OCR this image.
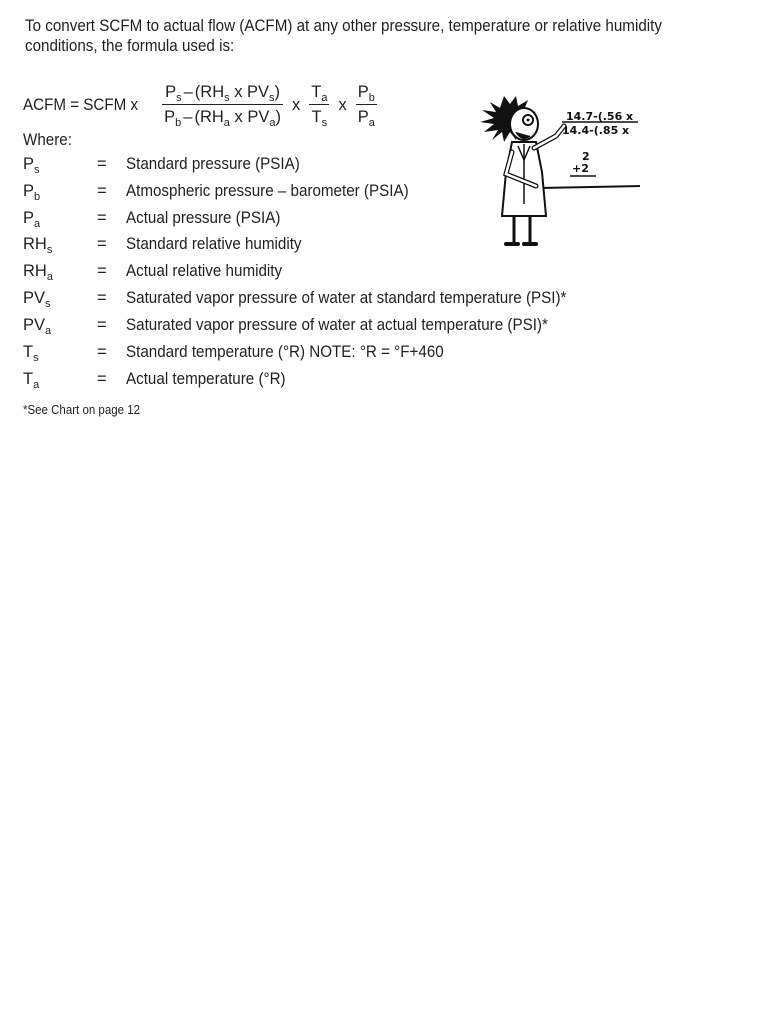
To convert SCFM to actual flow (ACFM) at any other pressure, temperature or relative humidity conditions, the formula used is:
ACFM = SCFM x $\frac{P_s - (RH_s x PV_s)}{P_b - (RH_a x PV_a)}$ x $\frac{T_a}{T_s}$ x $\frac{P_b}{P_a}$
Where:
$P_s$	= Standard pressure (PSIA)
$P_b$	= Atmospheric pressure – barometer (PSIA)
$P_a$	= Actual pressure (PSIA)
$RH_s$	= Standard relative humidity
$RH_a$	= Actual relative humidity
$PV_s$	= Saturated vapor pressure of water at standard temperature (PSI)*
$PV_a$	= Saturated vapor pressure of water at actual temperature (PSI)*
$T_s$	= Standard temperature (°R) NOTE: °R = °F+460
$T_a$	= Actual temperature (°R)
*See Chart on page 12
14.7-(.56 x
14.4-(.85 x
2
+2
